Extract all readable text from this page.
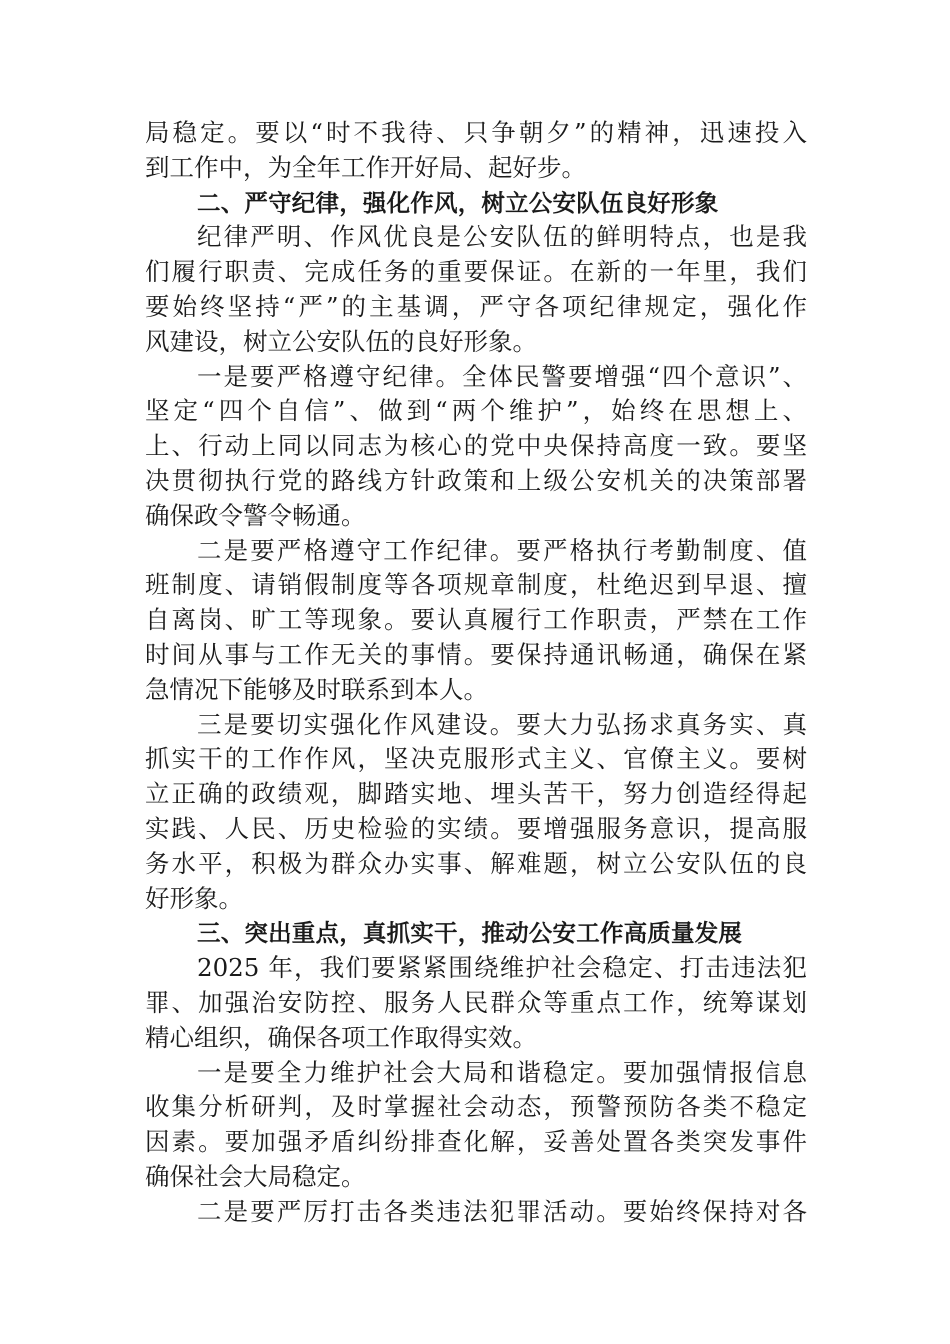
局稳定。要以“时不我待、只争朝夕”的精神，迅速投入
到工作中，为全年工作开好局、起好步。
二、严守纪律，强化作风，树立公安队伍良好形象
纪律严明、作风优良是公安队伍的鲜明特点，也是我
们履行职责、完成任务的重要保证。在新的一年里，我们
要始终坚持“严”的主基调，严守各项纪律规定，强化作
风建设，树立公安队伍的良好形象。
一是要严格遵守纪律。全体民警要增强“四个意识”、
坚定“四个自信”、做到“两个维护”，始终在思想上、
上、行动上同以同志为核心的党中央保持高度一致。要坚
决贯彻执行党的路线方针政策和上级公安机关的决策部署
确保政令警令畅通。
二是要严格遵守工作纪律。要严格执行考勤制度、值
班制度、请销假制度等各项规章制度，杜绝迟到早退、擅
自离岗、旷工等现象。要认真履行工作职责，严禁在工作
时间从事与工作无关的事情。要保持通讯畅通，确保在紧
急情况下能够及时联系到本人。
三是要切实强化作风建设。要大力弘扬求真务实、真
抓实干的工作作风，坚决克服形式主义、官僚主义。要树
立正确的政绩观，脚踏实地、埋头苦干，努力创造经得起
实践、人民、历史检验的实绩。要增强服务意识，提高服
务水平，积极为群众办实事、解难题，树立公安队伍的良
好形象。
三、突出重点，真抓实干，推动公安工作高质量发展
2025 年，我们要紧紧围绕维护社会稳定、打击违法犯
罪、加强治安防控、服务人民群众等重点工作，统筹谋划
精心组织，确保各项工作取得实效。
一是要全力维护社会大局和谐稳定。要加强情报信息
收集分析研判，及时掌握社会动态，预警预防各类不稳定
因素。要加强矛盾纠纷排查化解，妥善处置各类突发事件
确保社会大局稳定。
二是要严厉打击各类违法犯罪活动。要始终保持对各
